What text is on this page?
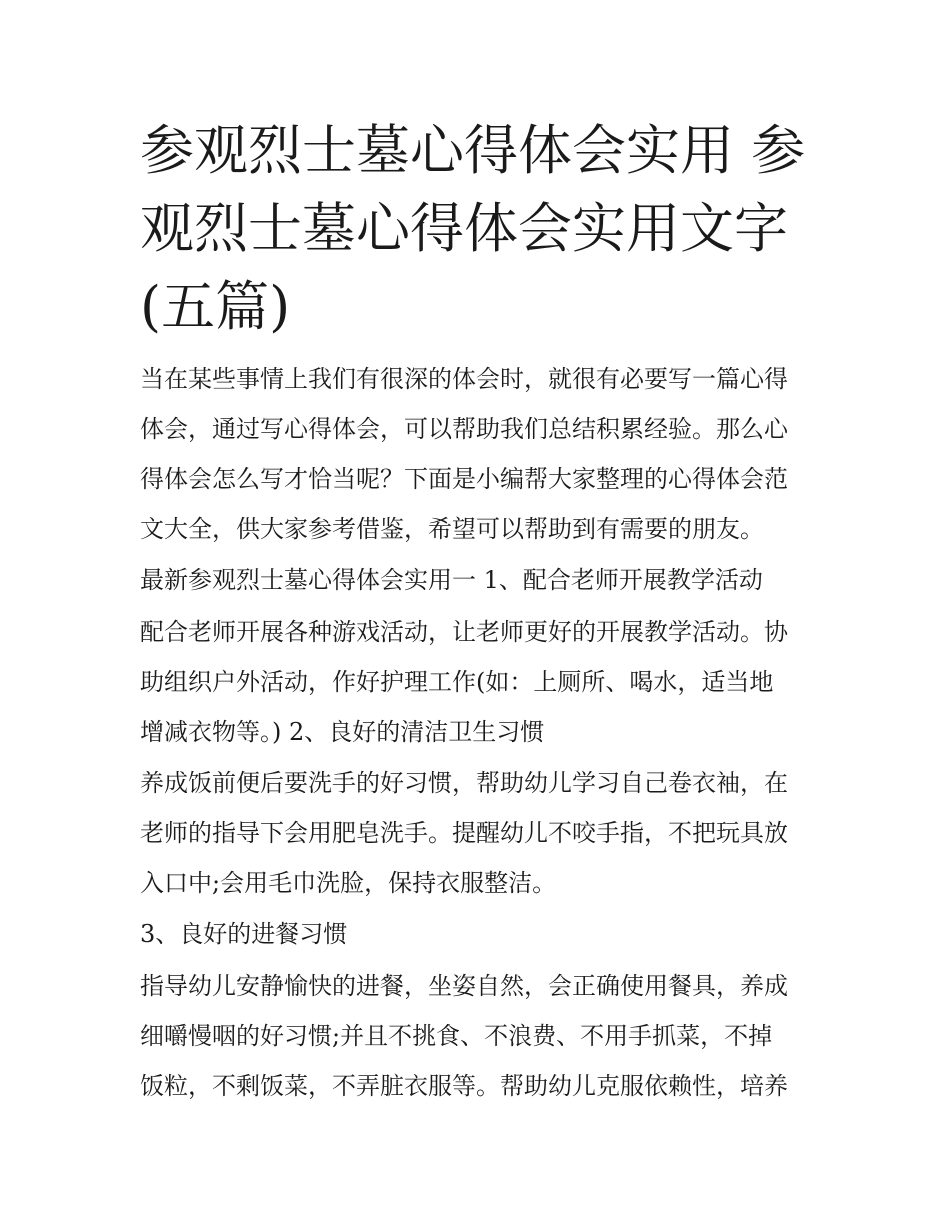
参观烈士墓心得体会实用 参观烈士墓心得体会实用文字(五篇)
当在某些事情上我们有很深的体会时，就很有必要写一篇心得
体会，通过写心得体会，可以帮助我们总结积累经验。那么心
得体会怎么写才恰当呢？下面是小编帮大家整理的心得体会范
文大全，供大家参考借鉴，希望可以帮助到有需要的朋友。
最新参观烈士墓心得体会实用一 1、配合老师开展教学活动
配合老师开展各种游戏活动，让老师更好的开展教学活动。协
助组织户外活动，作好护理工作(如：上厕所、喝水，适当地
增减衣物等。) 2、良好的清洁卫生习惯
养成饭前便后要洗手的好习惯，帮助幼儿学习自己卷衣袖，在
老师的指导下会用肥皂洗手。提醒幼儿不咬手指，不把玩具放
入口中;会用毛巾洗脸，保持衣服整洁。
3、良好的进餐习惯
指导幼儿安静愉快的进餐，坐姿自然，会正确使用餐具，养成
细嚼慢咽的好习惯;并且不挑食、不浪费、不用手抓菜，不掉
饭粒，不剩饭菜，不弄脏衣服等。帮助幼儿克服依赖性，培养
